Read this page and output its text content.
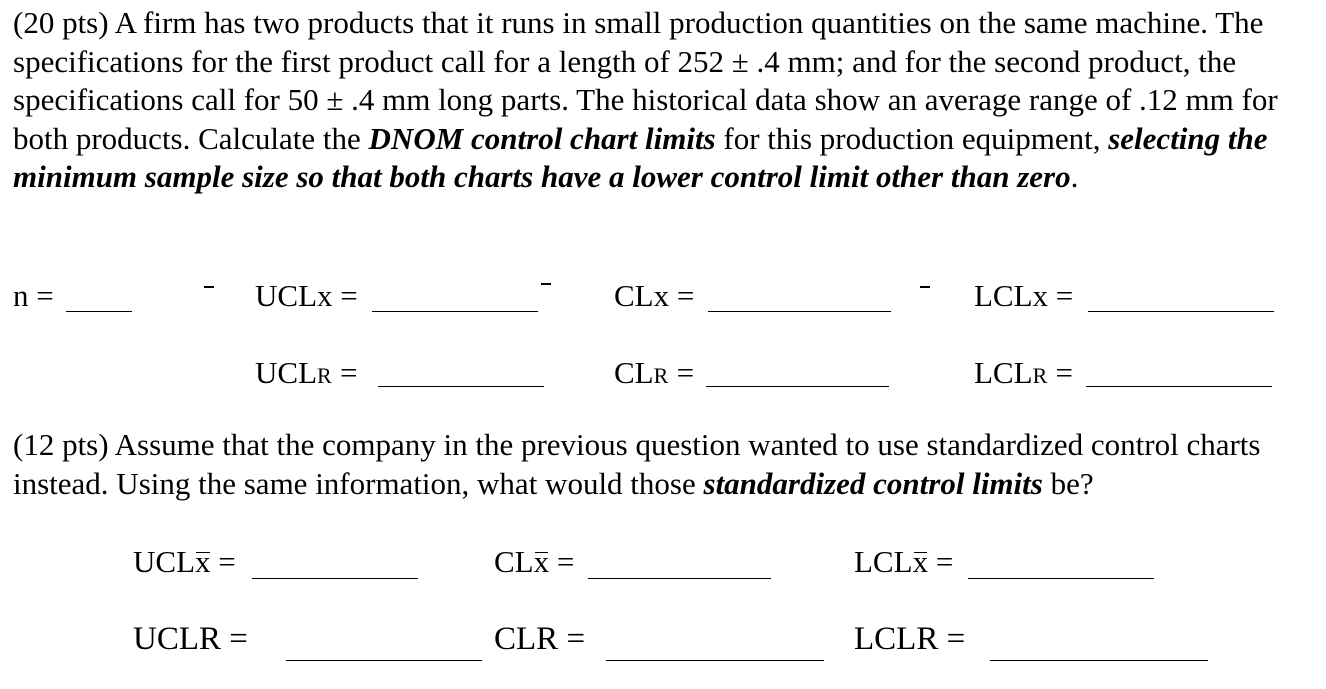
(20 pts) A firm has two products that it runs in small production quantities on the same machine. The specifications for the first product call for a length of 252 ± .4 mm; and for the second product, the specifications call for 50 ± .4 mm long parts. The historical data show an average range of .12 mm for both products. Calculate the DNOM control chart limits for this production equipment, selecting the minimum sample size so that both charts have a lower control limit other than zero.

n =	UCLx =	CLx =	LCLx =
UCLR =	CLR =	LCLR =

(12 pts) Assume that the company in the previous question wanted to use standardized control charts instead. Using the same information, what would those standardized control limits be?

UCLx =	CLx =	LCLx =
UCLR =	CLR =	LCLR =
